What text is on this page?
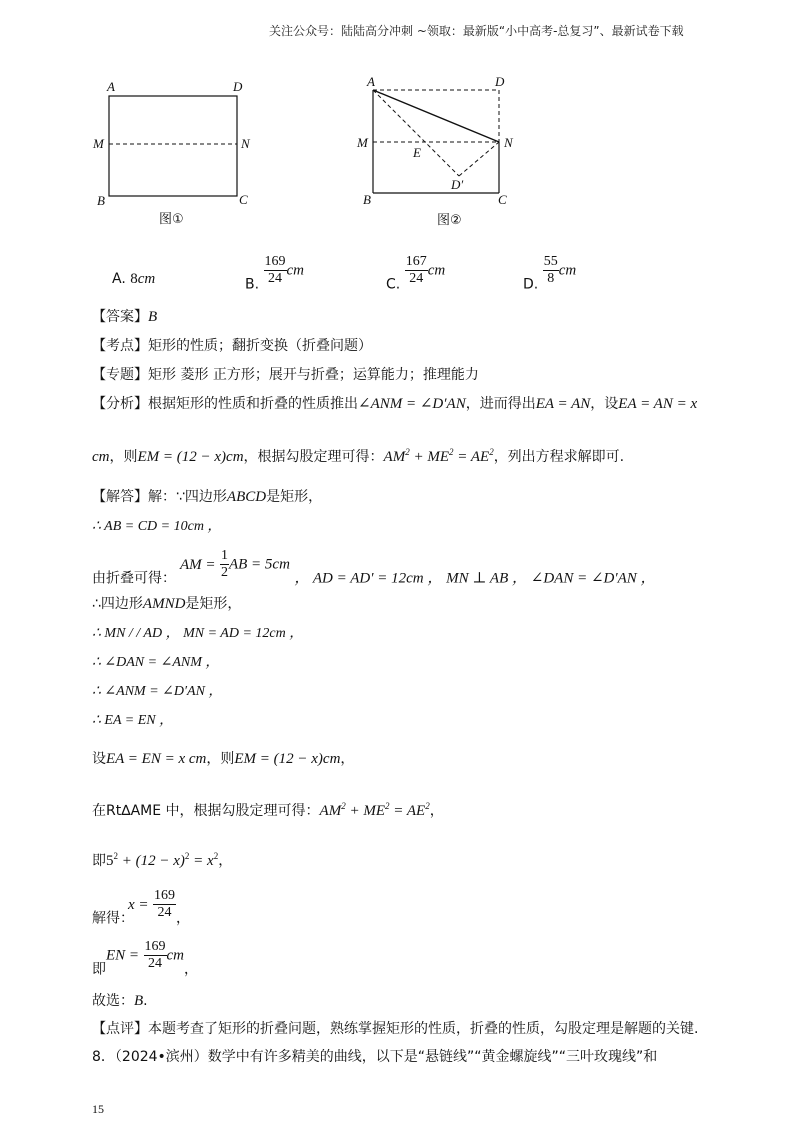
关注公众号：陆陆高分冲刺 ~领取：最新版“小中高考-总复习”、最新试卷下载
A	D
M	N
B	C
图①
A	D
M	N
E
D′
B	C
图②
A. 8cm	B. $\frac{169}{24}$ cm
C. $\frac{167}{24}$ cm
D. $\frac{55}{8}$ cm
【答案】B
【考点】矩形的性质；翻折变换（折叠问题）
【专题】矩形 菱形 正方形；展开与折叠；运算能力；推理能力
【分析】根据矩形的性质和折叠的性质推出∠ANM = ∠D′AN，进而得出EA = AN，设EA = AN = x
cm，则EM = (12 − x)cm，根据勾股定理可得：$AM^2 + ME^2 = AE^2$，列出方程求解即可.
【解答】解：∵四边形ABCD是矩形，
∴ AB = CD = 10cm ，
由折叠可得：AM = $\frac{1}{2}$ AB = 5cm ， AD = AD′ = 12cm ， MN ⊥ AB ， ∠DAN = ∠D′AN ，
∴四边形AMND是矩形，
∴ MN / / AD ， MN = AD = 12cm ，
∴ ∠DAN = ∠ANM ，
∴ ∠ANM = ∠D′AN ，
∴ EA = EN ，
设EA = EN = x cm，则EM = (12 − x)cm，
在Rt∆AME 中，根据勾股定理可得：$AM^2 + ME^2 = AE^2$，
即$5^2 + (12 - x)^2 = x^2$，
解得：$x = \frac{169}{24}$ ，
即EN = $\frac{169}{24}$ cm，
故选：B.
【点评】本题考查了矩形的折叠问题，熟练掌握矩形的性质，折叠的性质，勾股定理是解题的关键.
8．（2024•滨州）数学中有许多精美的曲线，以下是“悬链线”“黄金螺旋线”“三叶玫瑰线”和
15
